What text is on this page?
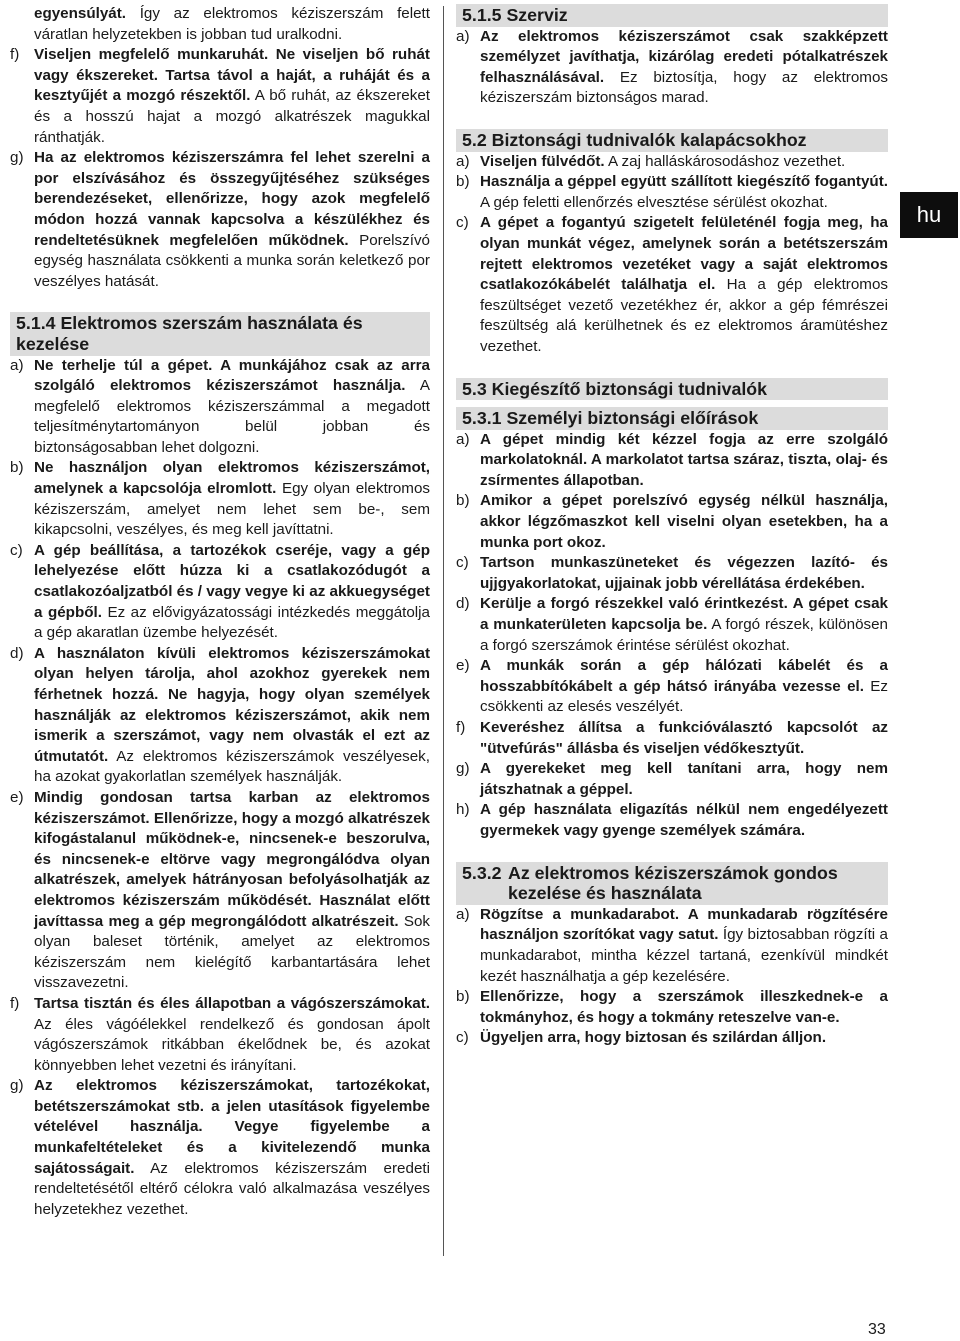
egyensúlyát. Így az elektromos kéziszerszám felett váratlan helyzetekben is jobban tud uralkodni.

f) Viseljen megfelelő munkaruhát. Ne viseljen bő ruhát vagy ékszereket. Tartsa távol a haját, a ruháját és a kesztyűjét a mozgó részektől. A bő ruhát, az ékszereket és a hosszú hajat a mozgó alkatrészek magukkal ránthatják.
g) Ha az elektromos kéziszerszámra fel lehet szerelni a por elszívásához és összegyűjtéséhez szükséges berendezéseket, ellenőrizze, hogy azok megfelelő módon hozzá vannak kapcsolva a készülékhez és rendeltetésüknek megfelelően működnek. Porelszívó egység használata csökkenti a munka során keletkező por veszélyes hatását.
5.1.4 Elektromos szerszám használata és kezelése
a) Ne terhelje túl a gépet. A munkájához csak az arra szolgáló elektromos kéziszerszámot használja. A megfelelő elektromos kéziszerszámmal a megadott teljesítménytartományon belül jobban és biztonságosabban lehet dolgozni.
b) Ne használjon olyan elektromos kéziszerszámot, amelynek a kapcsolója elromlott. Egy olyan elektromos kéziszerszám, amelyet nem lehet sem be-, sem kikapcsolni, veszélyes, és meg kell javíttatni.
c) A gép beállítása, a tartozékok cseréje, vagy a gép lehelyezése előtt húzza ki a csatlakozódugót a csatlakozóaljzatból és / vagy vegye ki az akkuegységet a gépből. Ez az elővigyázatossági intézkedés meggátolja a gép akaratlan üzembe helyezését.
d) A használaton kívüli elektromos kéziszerszámokat olyan helyen tárolja, ahol azokhoz gyerekek nem férhetnek hozzá. Ne hagyja, hogy olyan személyek használják az elektromos kéziszerszámot, akik nem ismerik a szerszámot, vagy nem olvasták el ezt az útmutatót. Az elektromos kéziszerszámok veszélyesek, ha azokat gyakorlatlan személyek használják.
e) Mindig gondosan tartsa karban az elektromos kéziszerszámot. Ellenőrizze, hogy a mozgó alkatrészek kifogástalanul működnek-e, nincsenek-e beszorulva, és nincsenek-e eltörve vagy megrongálódva olyan alkatrészek, amelyek hátrányosan befolyásolhatják az elektromos kéziszerszám működését. Használat előtt javíttassa meg a gép megrongálódott alkatrészeit. Sok olyan baleset történik, amelyet az elektromos kéziszerszám nem kielégítő karbantartására lehet visszavezetni.
f) Tartsa tisztán és éles állapotban a vágószerszámokat. Az éles vágóélekkel rendelkező és gondosan ápolt vágószerszámok ritkábban ékelődnek be, és azokat könnyebben lehet vezetni és irányítani.
g) Az elektromos kéziszerszámokat, tartozékokat, betétszerszámokat stb. a jelen utasítások figyelembe vételével használja. Vegye figyelembe a munkafeltételeket és a kivitelezendő munka sajátosságait. Az elektromos kéziszerszám eredeti rendeltetésétől eltérő célokra való alkalmazása veszélyes helyzetekhez vezethet.
5.1.5 Szerviz
a) Az elektromos kéziszerszámot csak szakképzett személyzet javíthatja, kizárólag eredeti pótalkatrészek felhasználásával. Ez biztosítja, hogy az elektromos kéziszerszám biztonságos marad.
5.2 Biztonsági tudnivalók kalapácsokhoz
a) Viseljen fülvédőt. A zaj halláskárosodáshoz vezethet.
b) Használja a géppel együtt szállított kiegészítő fogantyút. A gép feletti ellenőrzés elvesztése sérülést okozhat.
c) A gépet a fogantyú szigetelt felületénél fogja meg, ha olyan munkát végez, amelynek során a betétszerszám rejtett elektromos vezetéket vagy a saját elektromos csatlakozókábelét találhatja el. Ha a gép elektromos feszültséget vezető vezetékhez ér, akkor a gép fémrészei feszültség alá kerülhetnek és ez elektromos áramütéshez vezethet.
5.3 Kiegészítő biztonsági tudnivalók
5.3.1 Személyi biztonsági előírások
a) A gépet mindig két kézzel fogja az erre szolgáló markolatoknál. A markolatot tartsa száraz, tiszta, olaj- és zsírmentes állapotban.
b) Amikor a gépet porelszívó egység nélkül használja, akkor légzőmaszkot kell viselni olyan esetekben, ha a munka port okoz.
c) Tartson munkaszüneteket és végezzen lazító- és ujjgyakorlatokat, ujjainak jobb vérellátása érdekében.
d) Kerülje a forgó részekkel való érintkezést. A gépet csak a munkaterületen kapcsolja be. A forgó részek, különösen a forgó szerszámok érintése sérülést okozhat.
e) A munkák során a gép hálózati kábelét és a hosszabbítókábelt a gép hátsó irányába vezesse el. Ez csökkenti az elesés veszélyét.
f) Keveréshez állítsa a funkcióválasztó kapcsolót az "ütvefúrás" állásba és viseljen védőkesztyűt.
g) A gyerekeket meg kell tanítani arra, hogy nem játszhatnak a géppel.
h) A gép használata eligazítás nélkül nem engedélyezett gyermekek vagy gyenge személyek számára.
5.3.2 Az elektromos kéziszerszámok gondos kezelése és használata
a) Rögzítse a munkadarabot. A munkadarab rögzítésére használjon szorítókat vagy satut. Így biztosabban rögzíti a munkadarabot, mintha kézzel tartaná, ezenkívül mindkét kezét használhatja a gép kezelésére.
b) Ellenőrizze, hogy a szerszámok illeszkednek-e a tokmányhoz, és hogy a tokmány reteszelve van-e.
c) Ügyeljen arra, hogy biztosan és szilárdan álljon.
hu
33
